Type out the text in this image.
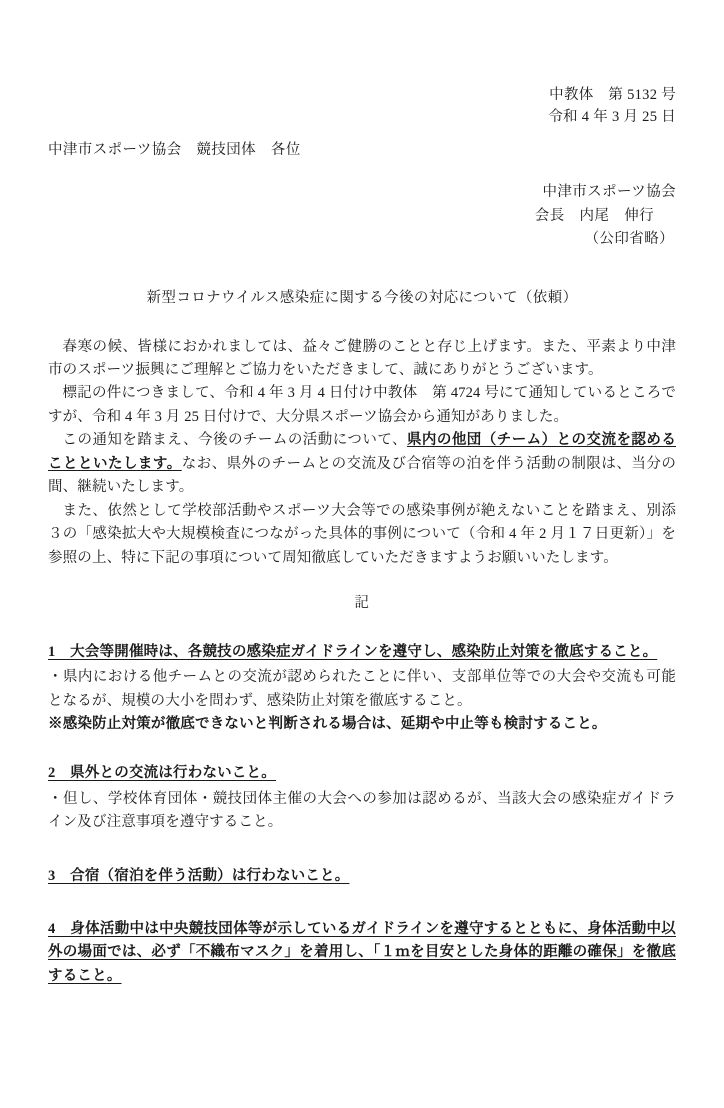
中教体　第 5132 号
令和 4 年 3 月 25 日
中津市スポーツ協会　競技団体　各位
中津市スポーツ協会
会長　内尾　伸行
（公印省略）
新型コロナウイルス感染症に関する今後の対応について（依頼）

春寒の候、皆様におかれましては、益々ご健勝のことと存じ上げます。また、平素より中津市のスポーツ振興にご理解とご協力をいただきまして、誠にありがとうございます。

標記の件につきまして、令和 4 年 3 月 4 日付け中教体　第 4724 号にて通知しているところですが、令和 4 年 3 月 25 日付けで、大分県スポーツ協会から通知がありました。

この通知を踏まえ、今後のチームの活動について、県内の他団（チーム）との交流を認めることといたします。なお、県外のチームとの交流及び合宿等の泊を伴う活動の制限は、当分の間、継続いたします。

また、依然として学校部活動やスポーツ大会等での感染事例が絶えないことを踏まえ、別添３の「感染拡大や大規模検査につながった具体的事例について（令和 4 年 2 月１７日更新）」を参照の上、特に下記の事項について周知徹底していただきますようお願いいたします。

記

1　大会等開催時は、各競技の感染症ガイドラインを遵守し、感染防止対策を徹底すること。

・県内における他チームとの交流が認められたことに伴い、支部単位等での大会や交流も可能となるが、規模の大小を問わず、感染防止対策を徹底すること。

※感染防止対策が徹底できないと判断される場合は、延期や中止等も検討すること。

2　県外との交流は行わないこと。

・但し、学校体育団体・競技団体主催の大会への参加は認めるが、当該大会の感染症ガイドライン及び注意事項を遵守すること。

3　合宿（宿泊を伴う活動）は行わないこと。

4　身体活動中は中央競技団体等が示しているガイドラインを遵守するとともに、身体活動中以外の場面では、必ず「不織布マスク」を着用し、「１ｍを目安とした身体的距離の確保」を徹底すること。
